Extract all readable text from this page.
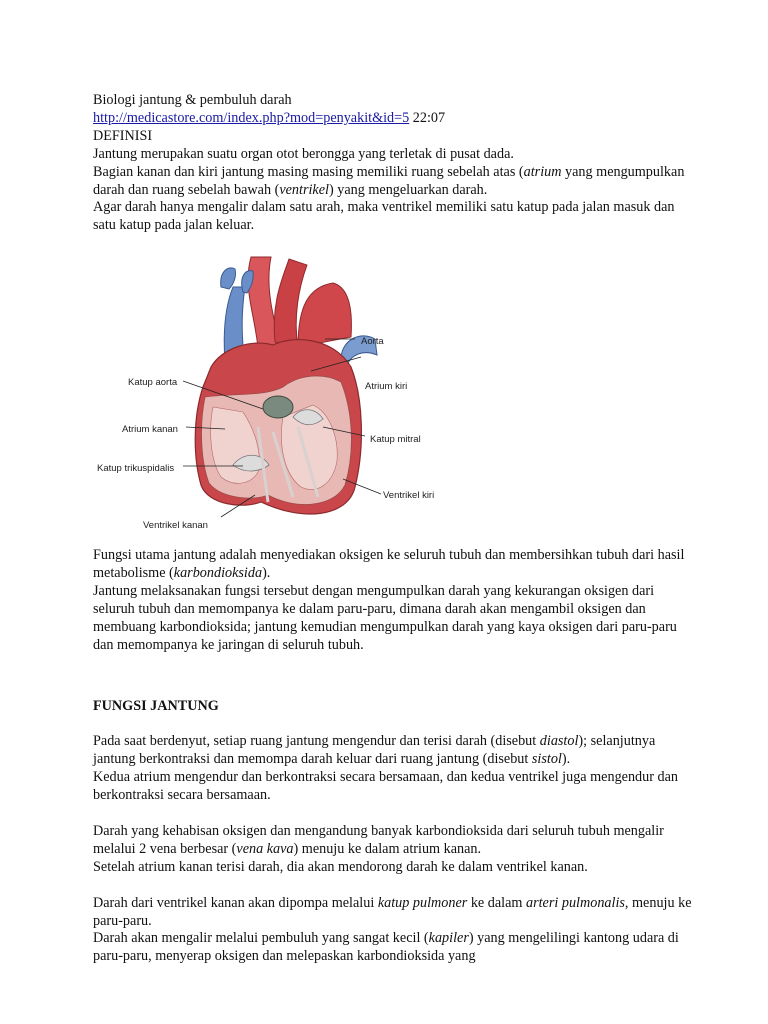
Biologi jantung & pembuluh darah

http://medicastore.com/index.php?mod=penyakit&id=5 22:07

DEFINISI

Jantung merupakan suatu organ otot berongga yang terletak di pusat dada.

Bagian kanan dan kiri jantung masing masing memiliki ruang sebelah atas (atrium yang mengumpulkan darah dan ruang sebelah bawah (ventrikel) yang mengeluarkan darah.

Agar darah hanya mengalir dalam satu arah, maka ventrikel memiliki satu katup pada jalan masuk dan satu katup pada jalan keluar.

Aorta
Katup aorta	Atrium kiri
Atrium kanan
Katup mitral
Katup trikuspidalis
Ventrikel kiri
Ventrikel kanan

Fungsi utama jantung adalah menyediakan oksigen ke seluruh tubuh dan membersihkan tubuh dari hasil metabolisme (karbondioksida).

Jantung melaksanakan fungsi tersebut dengan mengumpulkan darah yang kekurangan oksigen dari seluruh tubuh dan memompanya ke dalam paru-paru, dimana darah akan mengambil oksigen dan membuang karbondioksida; jantung kemudian mengumpulkan darah yang kaya oksigen dari paru-paru dan memompanya ke jaringan di seluruh tubuh.

FUNGSI JANTUNG

Pada saat berdenyut, setiap ruang jantung mengendur dan terisi darah (disebut diastol); selanjutnya jantung berkontraksi dan memompa darah keluar dari ruang jantung (disebut sistol).

Kedua atrium mengendur dan berkontraksi secara bersamaan, dan kedua ventrikel juga mengendur dan berkontraksi secara bersamaan.

Darah yang kehabisan oksigen dan mengandung banyak karbondioksida dari seluruh tubuh mengalir melalui 2 vena berbesar (vena kava) menuju ke dalam atrium kanan.

Setelah atrium kanan terisi darah, dia akan mendorong darah ke dalam ventrikel kanan.

Darah dari ventrikel kanan akan dipompa melalui katup pulmoner ke dalam arteri pulmonalis, menuju ke paru-paru.

Darah akan mengalir melalui pembuluh yang sangat kecil (kapiler) yang mengelilingi kantong udara di paru-paru, menyerap oksigen dan melepaskan karbondioksida yang
